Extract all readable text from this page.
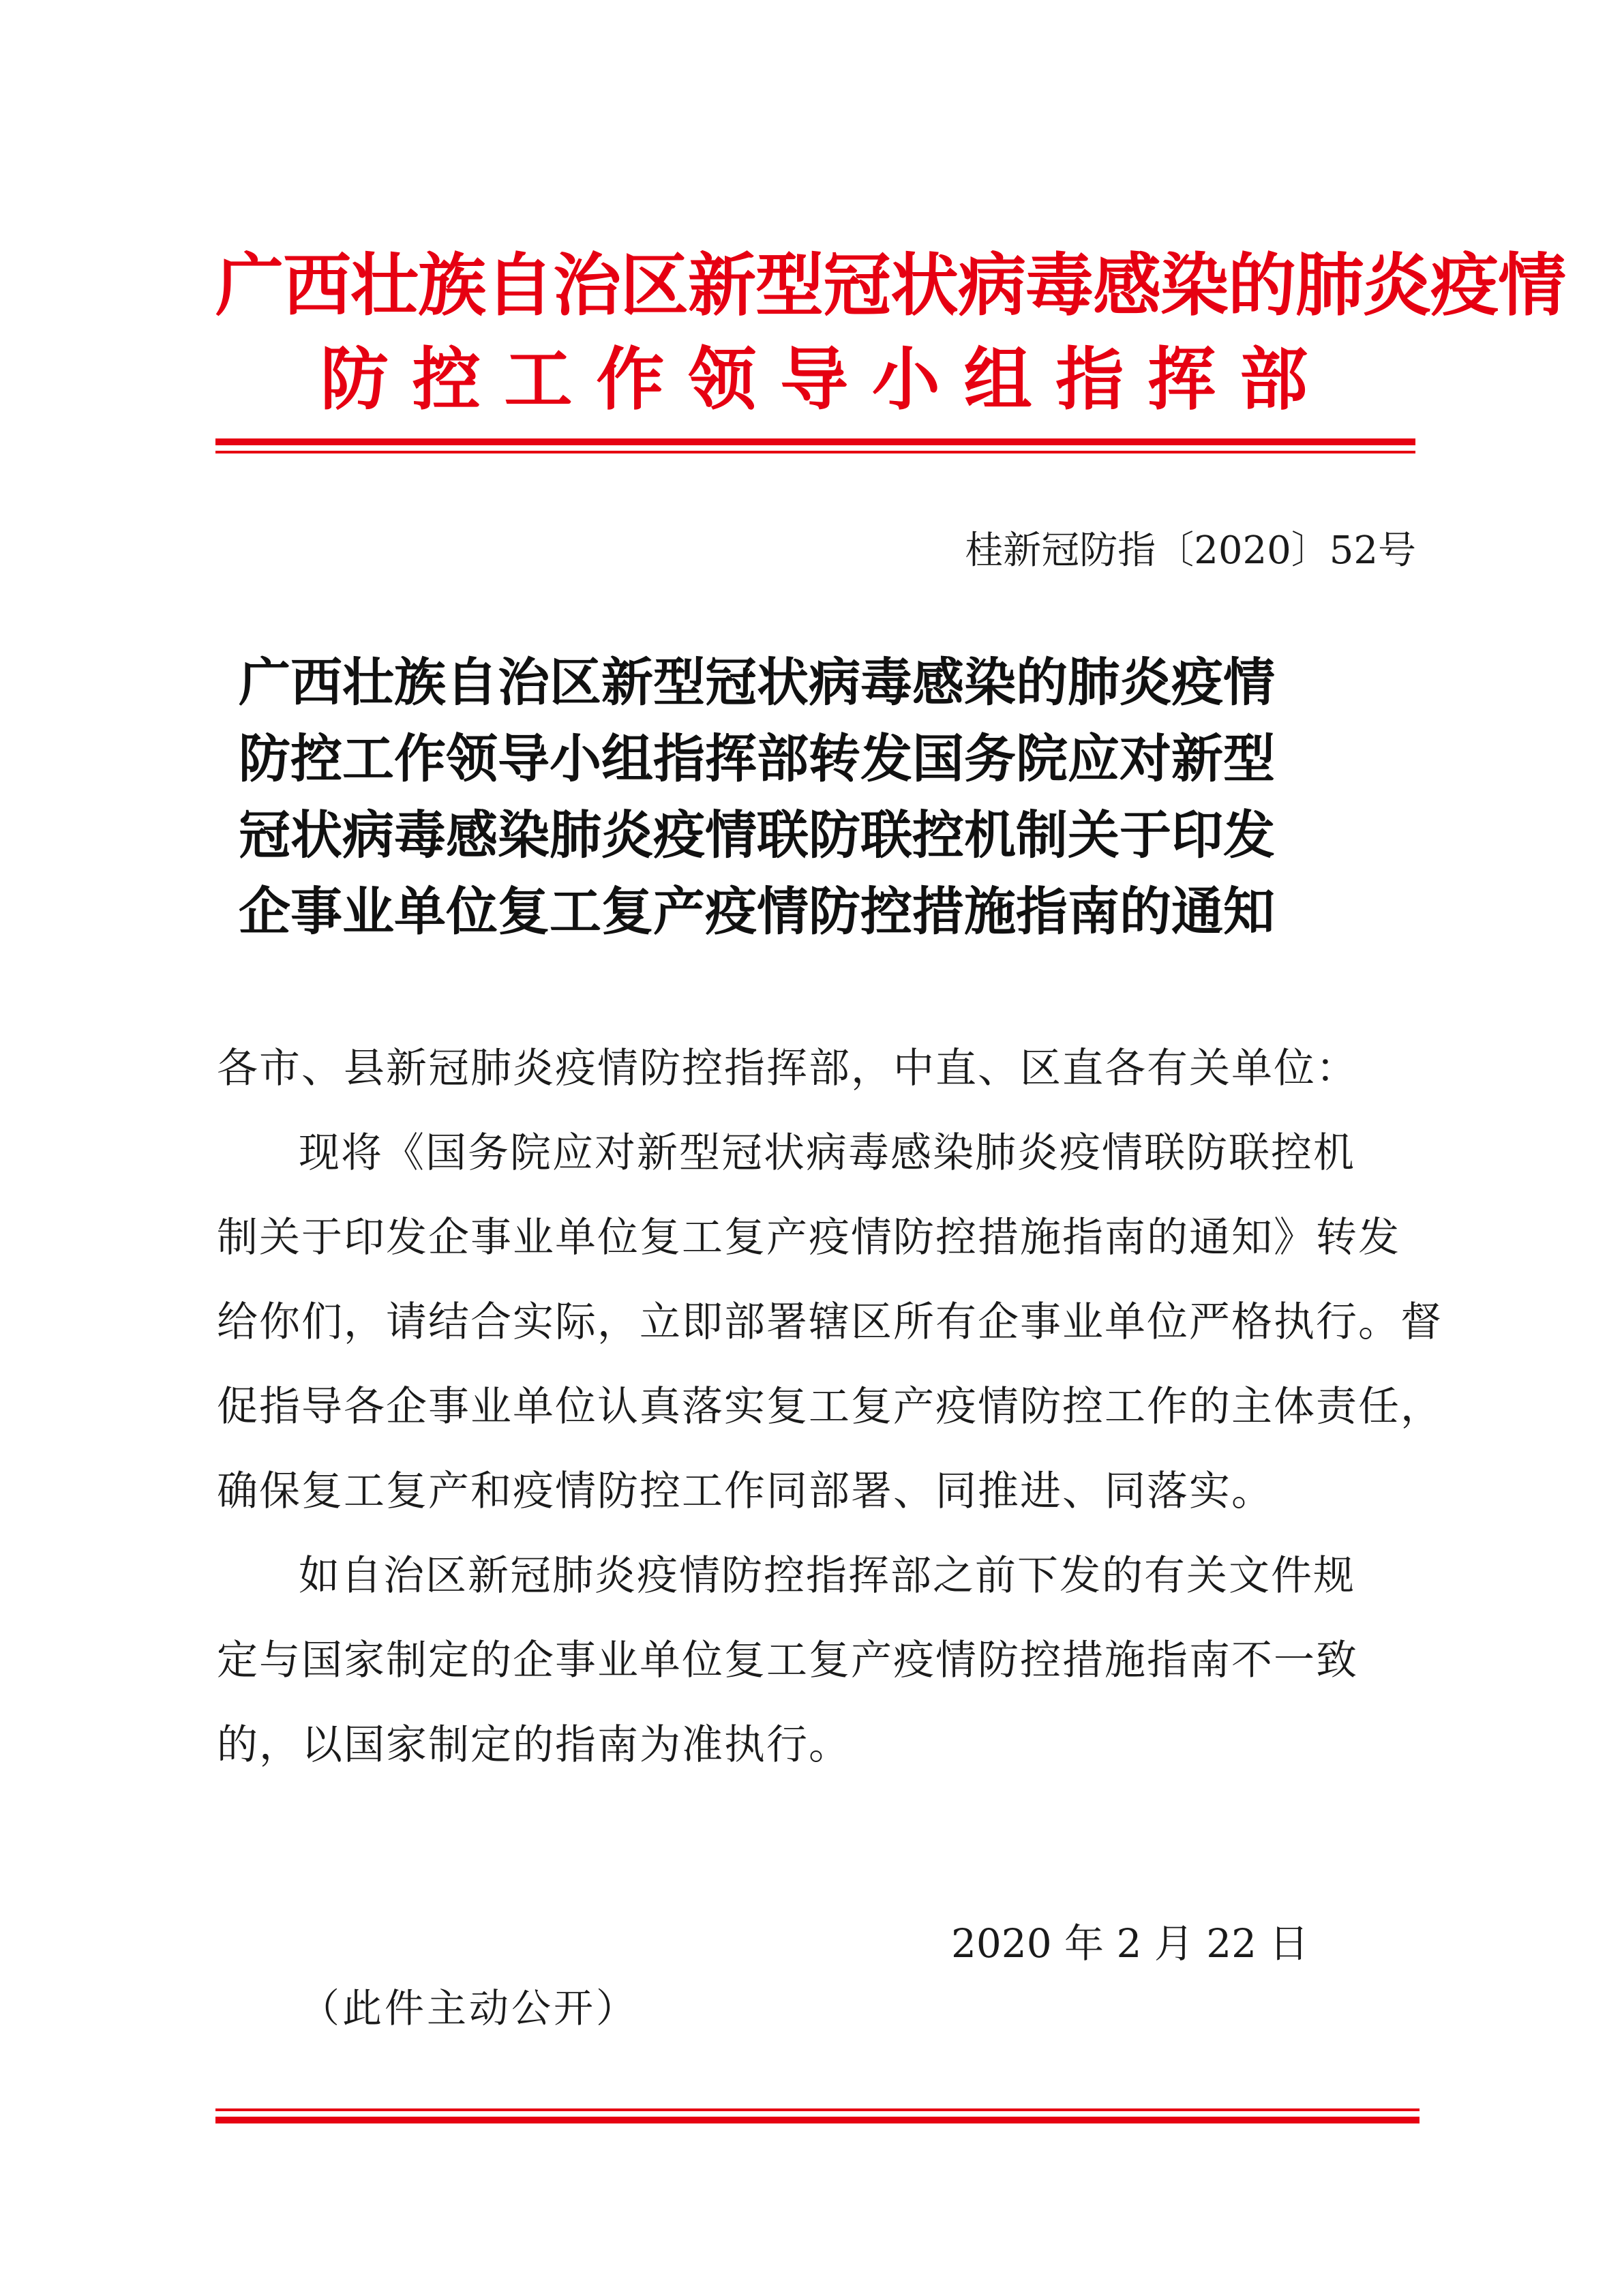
广西壮族自治区新型冠状病毒感染的肺炎疫情
防 控 工 作 领 导 小 组 指 挥 部
桂新冠防指〔2020〕52号
广西壮族自治区新型冠状病毒感染的肺炎疫情
防控工作领导小组指挥部转发国务院应对新型
冠状病毒感染肺炎疫情联防联控机制关于印发
企事业单位复工复产疫情防控措施指南的通知
各市、县新冠肺炎疫情防控指挥部，中直、区直各有关单位：
现将《国务院应对新型冠状病毒感染肺炎疫情联防联控机
制关于印发企事业单位复工复产疫情防控措施指南的通知》转发
给你们，请结合实际，立即部署辖区所有企事业单位严格执行。督
促指导各企事业单位认真落实复工复产疫情防控工作的主体责任，
确保复工复产和疫情防控工作同部署、同推进、同落实。
如自治区新冠肺炎疫情防控指挥部之前下发的有关文件规
定与国家制定的企事业单位复工复产疫情防控措施指南不一致
的，以国家制定的指南为准执行。
2020 年 2 月 22 日
（此件主动公开）
